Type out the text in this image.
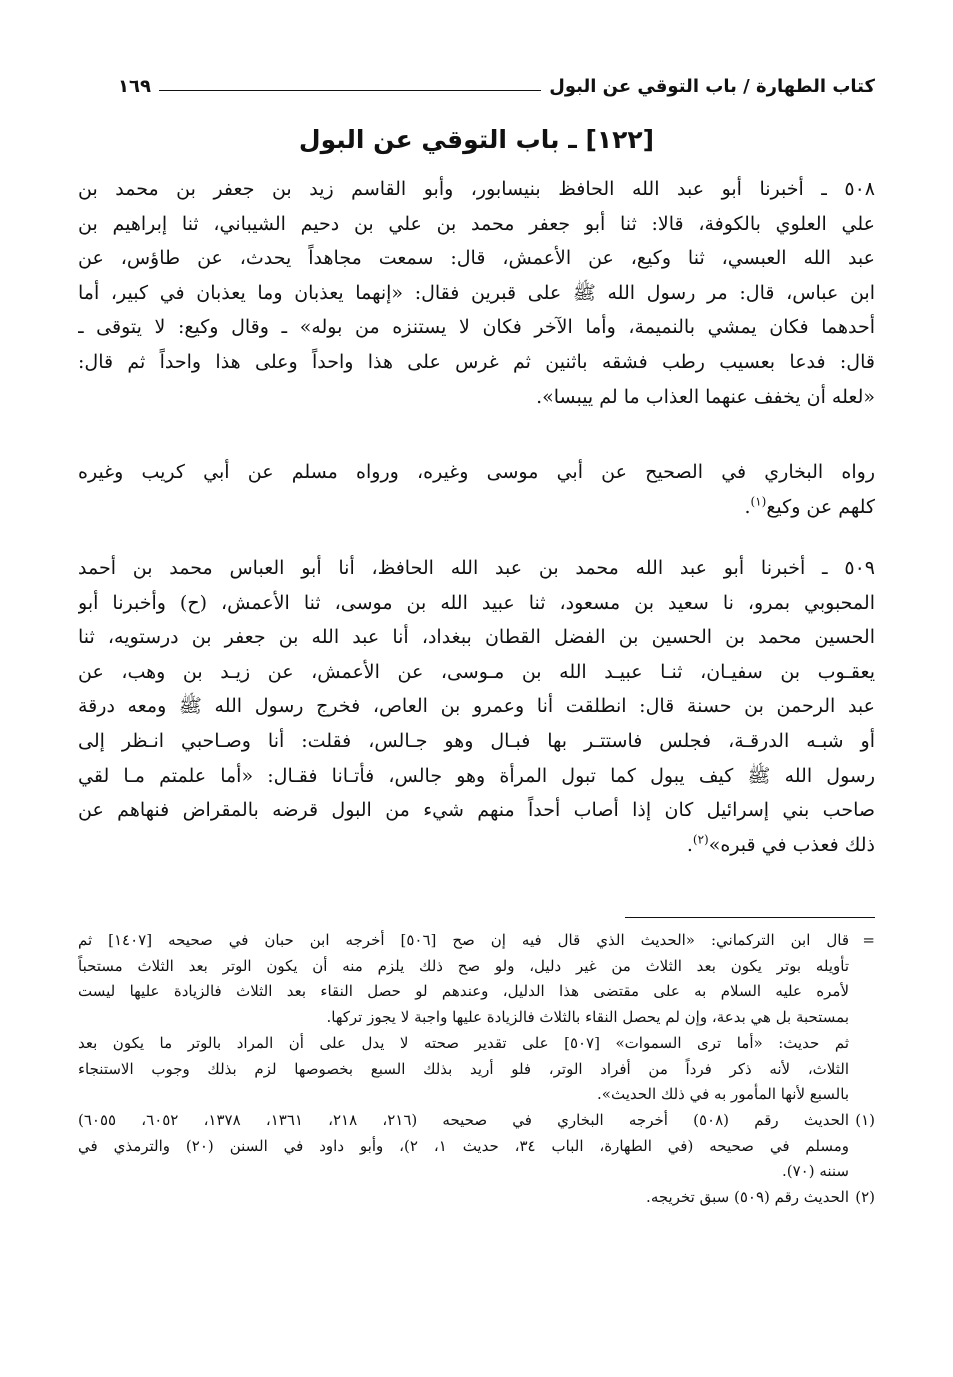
كتاب الطهارة / باب التوقي عن البول
١٦٩
[١٢٢] ـ باب التوقي عن البول

٥٠٨ ـ أخبرنا أبو عبد الله الحافظ بنيسابور، وأبو القاسم زيد بن جعفر بن محمد بن
علي العلوي بالكوفة، قالا: ثنا أبو جعفر محمد بن علي بن دحيم الشيباني، ثنا إبراهيم بن
عبد الله العبسي، ثنا وكيع، عن الأعمش، قال: سمعت مجاهداً يحدث، عن طاؤس، عن
ابن عباس، قال: مر رسول الله ﷺ على قبرين فقال: «إنهما يعذبان وما يعذبان في كبير، أما
أحدهما فكان يمشي بالنميمة، وأما الآخر فكان لا يستنزه من بوله» ـ وقال وكيع: لا يتوقى ـ
قال: فدعا بعسيب رطب فشقه باثنين ثم غرس على هذا واحداً وعلى هذا واحداً ثم قال:
«لعله أن يخفف عنهما العذاب ما لم ييبسا».

رواه البخاري في الصحيح عن أبي موسى وغيره، ورواه مسلم عن أبي كريب وغيره
كلهم عن وكيع$^{(١)}$.

٥٠٩ ـ أخبرنا أبو عبد الله محمد بن عبد الله الحافظ، أنا أبو العباس محمد بن أحمد
المحبوبي بمرو، نا سعيد بن مسعود، ثنا عبيد الله بن موسى، ثنا الأعمش، (ح) وأخبرنا أبو
الحسين محمد بن الحسين بن الفضل القطان ببغداد، أنا عبد الله بن جعفر بن درستويه، ثنا
يعقـوب بن سفيـان، ثنـا عبيـد الله بن مـوسى، عن الأعمش، عن زيـد بن وهب، عن
عبد الرحمن بن حسنة قال: انطلقت أنا وعمرو بن العاص، فخرج رسول الله ﷺ ومعه درقة
أو شبـه الدرقـة، فجلس فاستتـر بها فبـال وهو جـالس، فقلت: أنا وصـاحبي انـظر إلى
رسول الله ﷺ كيف يبول كما تبول المرأة وهو جالس، فأتـانا فقـال: «أما علمتم مـا لقي
صاحب بني إسرائيل كان إذا أصاب أحداً منهم شيء من البول قرضه بالمقراض فنهاهم عن
ذلك فعذب في قبره»$^{(٢)}$.

=
قال ابن التركماني: «الحديث الذي قال فيه إن صح [٥٠٦] أخرجه ابن حبان في صحيحه [١٤٠٧] ثم
تأويله بوتر يكون بعد الثلاث من غير دليل، ولو صح ذلك يلزم منه أن يكون الوتر بعد الثلاث مستحباً
لأمره عليه السلام به على مقتضى هذا الدليل، وعندهم لو حصل النقاء بعد الثلاث فالزيادة عليها ليست
بمستحبة بل هي بدعة، وإن لم يحصل النقاء بالثلاث فالزيادة عليها واجبة لا يجوز تركها.
ثم حديث: «أما ترى السموات» [٥٠٧] على تقدير صحته لا يدل على أن المراد بالوتر ما يكون بعد
الثلاث، لأنه ذكر فرداً من أفراد الوتر، فلو أريد بذلك السبع بخصوصها لزم بذلك وجوب الاستنجاء
بالسبع لأنها المأمور به في ذلك الحديث».
(١)
الحديث رقم (٥٠٨) أخرجه البخاري في صحيحه (٢١٦، ٢١٨، ١٣٦١، ١٣٧٨، ٦٠٥٢، ٦٠٥٥)
ومسلم في صحيحه (في الطهارة، الباب ٣٤، حديث ١، ٢)، وأبو داود في السنن (٢٠) والترمذي في
سننه (٧٠).
(٢)
الحديث رقم (٥٠٩) سبق تخريجه.
